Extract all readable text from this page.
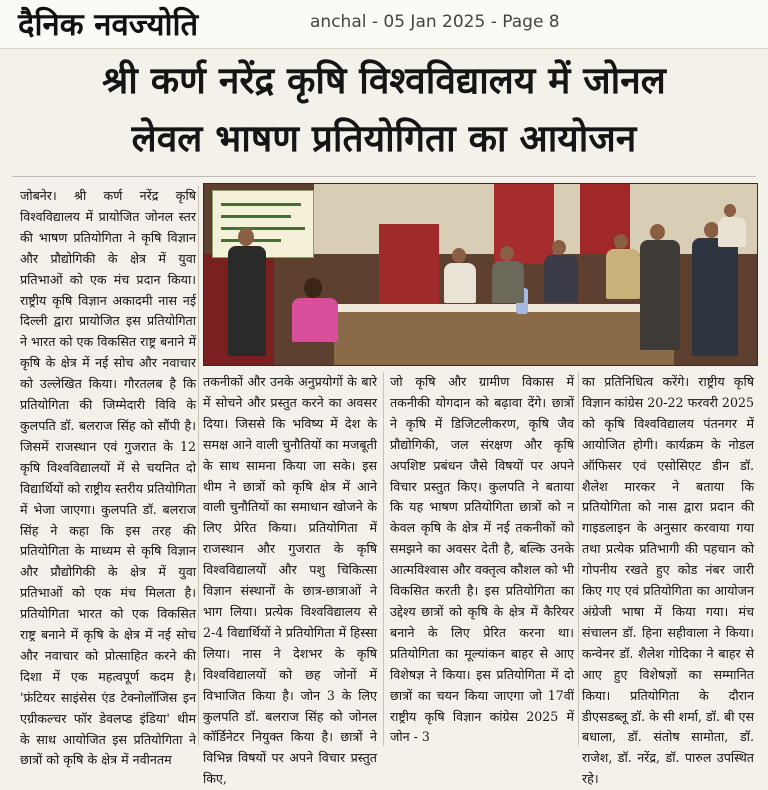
दैनिक नवज्योति	anchal - 05 Jan 2025 - Page 8
श्री कर्ण नरेंद्र कृषि विश्वविद्यालय में जोनल
लेवल भाषण प्रतियोगिता का आयोजन

जोबनेर। श्री कर्ण नरेंद्र कृषि विश्वविद्यालय में प्रायोजित जोनल स्तर की भाषण प्रतियोगिता ने कृषि विज्ञान और प्रौद्योगिकी के क्षेत्र में युवा प्रतिभाओं को एक मंच प्रदान किया। राष्ट्रीय कृषि विज्ञान अकादमी नास नई दिल्ली द्वारा प्रायोजित इस प्रतियोगिता ने भारत को एक विकसित राष्ट्र बनाने में कृषि के क्षेत्र में नई सोच और नवाचार को उल्लेखित किया। गौरतलब है कि प्रतियोगिता की जिम्मेदारी विवि के कुलपति डॉ. बलराज सिंह को सौंपी है। जिसमें राजस्थान एवं गुजरात के 12 कृषि विश्वविद्यालयों में से चयनित दो विद्यार्थियों को राष्ट्रीय स्तरीय प्रतियोगिता में भेजा जाएगा। कुलपति डॉ. बलराज सिंह ने कहा कि इस तरह की प्रतियोगिता के माध्यम से कृषि विज्ञान और प्रौद्योगिकी के क्षेत्र में युवा प्रतिभाओं को एक मंच मिलता है। प्रतियोगिता भारत को एक विकसित राष्ट्र बनाने में कृषि के क्षेत्र में नई सोच और नवाचार को प्रोत्साहित करने की दिशा में एक महत्वपूर्ण कदम है। 'फ्रंटियर साइंसेस एंड टेक्नोलॉजिस इन एग्रीकल्चर फॉर डेवलप्ड इंडिया' थीम के साथ आयोजित इस प्रतियोगिता ने छात्रों को कृषि के क्षेत्र में नवीनतम

तकनीकों और उनके अनुप्रयोगों के बारे में सोचने और प्रस्तुत करने का अवसर दिया। जिससे कि भविष्य में देश के समक्ष आने वाली चुनौतियों का मजबूती के साथ सामना किया जा सके। इस थीम ने छात्रों को कृषि क्षेत्र में आने वाली चुनौतियों का समाधान खोजने के लिए प्रेरित किया। प्रतियोगिता में राजस्थान और गुजरात के कृषि विश्वविद्यालयों और पशु चिकित्सा विज्ञान संस्थानों के छात्र-छात्राओं ने भाग लिया। प्रत्येक विश्वविद्यालय से 2-4 विद्यार्थियों ने प्रतियोगिता में हिस्सा लिया। नास ने देशभर के कृषि विश्वविद्यालयों को छह जोनों में विभाजित किया है। जोन 3 के लिए कुलपति डॉ. बलराज सिंह को जोनल कॉर्डिनेटर नियुक्त किया है। छात्रों ने विभिन्न विषयों पर अपने विचार प्रस्तुत किए,

जो कृषि और ग्रामीण विकास में तकनीकी योगदान को बढ़ावा देंगे। छात्रों ने कृषि में डिजिटलीकरण, कृषि जैव प्रौद्योगिकी, जल संरक्षण और कृषि अपशिष्ट प्रबंधन जैसे विषयों पर अपने विचार प्रस्तुत किए। कुलपति ने बताया कि यह भाषण प्रतियोगिता छात्रों को न केवल कृषि के क्षेत्र में नई तकनीकों को समझने का अवसर देती है, बल्कि उनके आत्मविश्वास और वक्तृत्व कौशल को भी विकसित करती है। इस प्रतियोगिता का उद्देश्य छात्रों को कृषि के क्षेत्र में कैरियर बनाने के लिए प्रेरित करना था। प्रतियोगिता का मूल्यांकन बाहर से आए विशेषज्ञ ने किया। इस प्रतियोगिता में दो छात्रों का चयन किया जाएगा जो 17वीं राष्ट्रीय कृषि विज्ञान कांग्रेस 2025 में जोन - 3

का प्रतिनिधित्व करेंगे। राष्ट्रीय कृषि विज्ञान कांग्रेस 20-22 फरवरी 2025 को कृषि विश्वविद्यालय पंतनगर में आयोजित होगी। कार्यक्रम के नोडल ऑफिसर एवं एसोसिएट डीन डॉ. शैलेश मारकर ने बताया कि प्रतियोगिता को नास द्वारा प्रदान की गाइडलाइन के अनुसार करवाया गया तथा प्रत्येक प्रतिभागी की पहचान को गोपनीय रखते हुए कोड नंबर जारी किए गए एवं प्रतियोगिता का आयोजन अंग्रेजी भाषा में किया गया। मंच संचालन डॉ. हिना सहीवाला ने किया। कन्वेनर डॉ. शैलेश गोदिका ने बाहर से आए हुए विशेषज्ञों का सम्मानित किया। प्रतियोगिता के दौरान डीएसडब्लू डॉ. के सी शर्मा, डॉ. बी एस बधाला, डॉ. संतोष सामोता, डॉ. राजेश, डॉ. नरेंद्र, डॉ. पारुल उपस्थित रहे।
